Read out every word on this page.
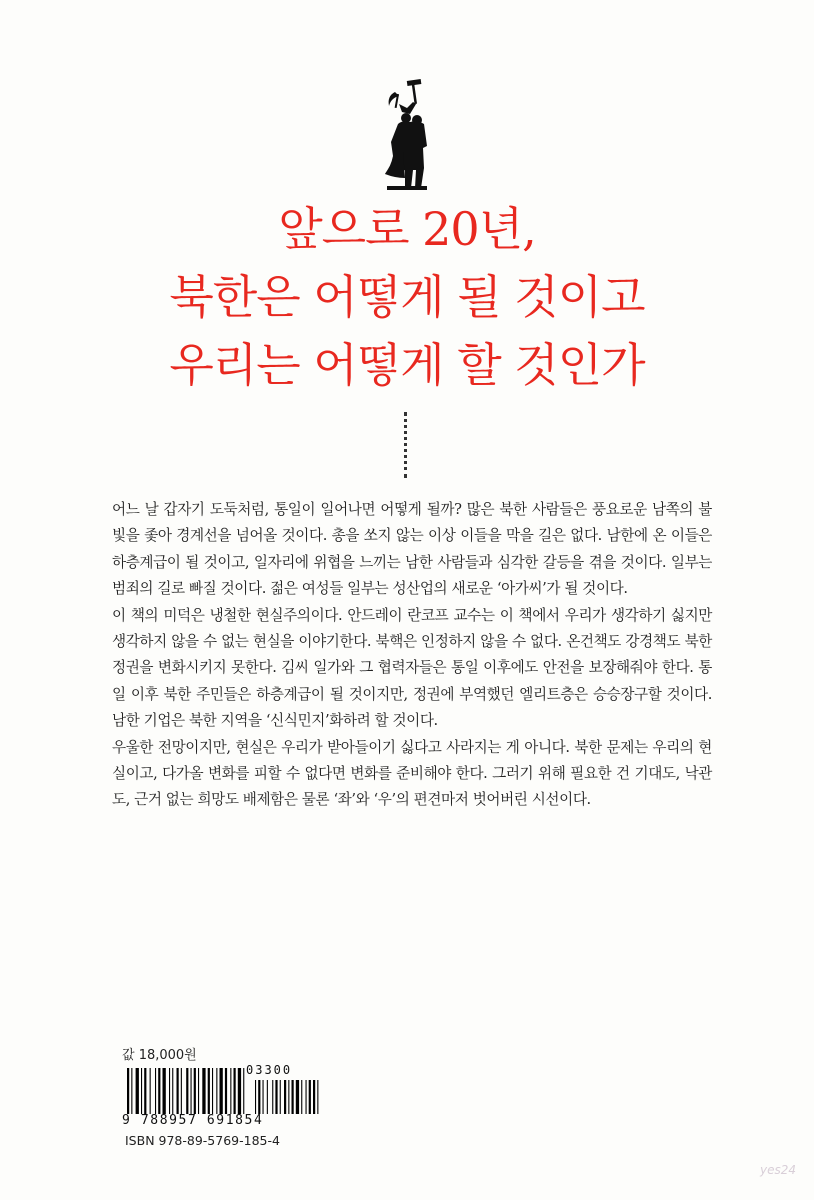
앞으로 20년,
북한은 어떻게 될 것이고
우리는 어떻게 할 것인가

어느 날 갑자기 도둑처럼, 통일이 일어나면 어떻게 될까? 많은 북한 사람들은 풍요로운 남쪽의 불빛을 좇아 경계선을 넘어올 것이다. 총을 쏘지 않는 이상 이들을 막을 길은 없다. 남한에 온 이들은 하층계급이 될 것이고, 일자리에 위협을 느끼는 남한 사람들과 심각한 갈등을 겪을 것이다. 일부는 범죄의 길로 빠질 것이다. 젊은 여성들 일부는 성산업의 새로운 ‘아가씨’가 될 것이다.

이 책의 미덕은 냉철한 현실주의이다. 안드레이 란코프 교수는 이 책에서 우리가 생각하기 싫지만 생각하지 않을 수 없는 현실을 이야기한다. 북핵은 인정하지 않을 수 없다. 온건책도 강경책도 북한 정권을 변화시키지 못한다. 김씨 일가와 그 협력자들은 통일 이후에도 안전을 보장해줘야 한다. 통일 이후 북한 주민들은 하층계급이 될 것이지만, 정권에 부역했던 엘리트층은 승승장구할 것이다. 남한 기업은 북한 지역을 ‘신식민지’화하려 할 것이다.

우울한 전망이지만, 현실은 우리가 받아들이기 싫다고 사라지는 게 아니다. 북한 문제는 우리의 현실이고, 다가올 변화를 피할 수 없다면 변화를 준비해야 한다. 그러기 위해 필요한 건 기대도, 낙관도, 근거 없는 희망도 배제함은 물론 ‘좌’와 ‘우’의 편견마저 벗어버린 시선이다.

값 18,000원
03300
9 788957 691854
ISBN 978-89-5769-185-4
yes24
